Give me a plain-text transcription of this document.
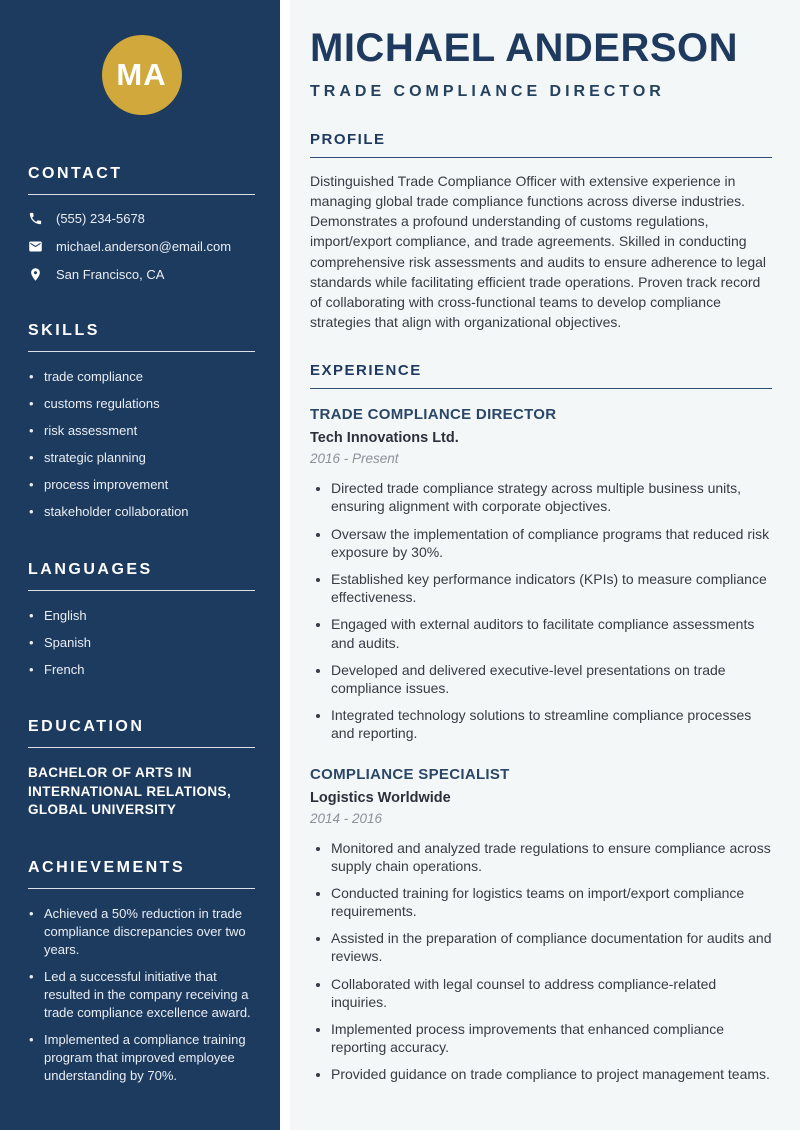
MA
CONTACT
(555) 234-5678
michael.anderson@email.com
San Francisco, CA
SKILLS
• trade compliance
• customs regulations
• risk assessment
• strategic planning
• process improvement
• stakeholder collaboration
LANGUAGES
• English
• Spanish
• French
EDUCATION

BACHELOR OF ARTS IN INTERNATIONAL RELATIONS, GLOBAL UNIVERSITY

ACHIEVEMENTS
• Achieved a 50% reduction in trade compliance discrepancies over two years.
• Led a successful initiative that resulted in the company receiving a trade compliance excellence award.
• Implemented a compliance training program that improved employee understanding by 70%.
MICHAEL ANDERSON
TRADE COMPLIANCE DIRECTOR
PROFILE

Distinguished Trade Compliance Officer with extensive experience in managing global trade compliance functions across diverse industries. Demonstrates a profound understanding of customs regulations, import/export compliance, and trade agreements. Skilled in conducting comprehensive risk assessments and audits to ensure adherence to legal standards while facilitating efficient trade operations. Proven track record of collaborating with cross-functional teams to develop compliance strategies that align with organizational objectives.

EXPERIENCE
TRADE COMPLIANCE DIRECTOR
Tech Innovations Ltd.
2016 - Present
• Directed trade compliance strategy across multiple business units, ensuring alignment with corporate objectives.
• Oversaw the implementation of compliance programs that reduced risk exposure by 30%.
• Established key performance indicators (KPIs) to measure compliance effectiveness.
• Engaged with external auditors to facilitate compliance assessments and audits.
• Developed and delivered executive-level presentations on trade compliance issues.
• Integrated technology solutions to streamline compliance processes and reporting.
COMPLIANCE SPECIALIST
Logistics Worldwide
2014 - 2016
• Monitored and analyzed trade regulations to ensure compliance across supply chain operations.
• Conducted training for logistics teams on import/export compliance requirements.
• Assisted in the preparation of compliance documentation for audits and reviews.
• Collaborated with legal counsel to address compliance-related inquiries.
• Implemented process improvements that enhanced compliance reporting accuracy.
• Provided guidance on trade compliance to project management teams.
